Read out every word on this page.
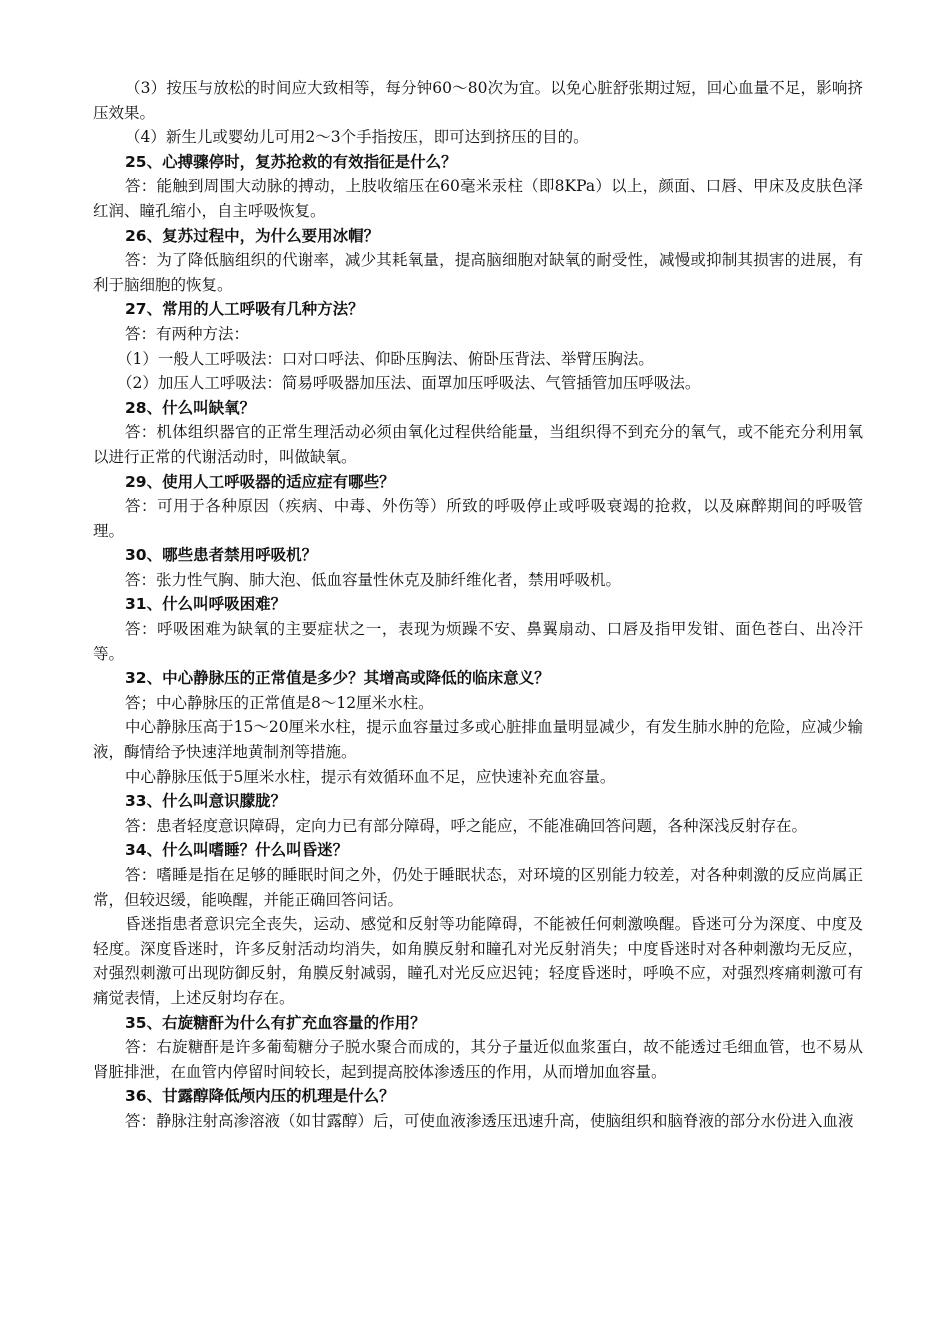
（3）按压与放松的时间应大致相等，每分钟60～80次为宜。以免心脏舒张期过短，回心血量不足，影响挤压效果。

（4）新生儿或婴幼儿可用2～3个手指按压，即可达到挤压的目的。

25、心搏骤停时，复苏抢救的有效指征是什么？

答：能触到周围大动脉的搏动，上肢收缩压在60毫米汞柱（即8KPa）以上，颜面、口唇、甲床及皮肤色泽红润、瞳孔缩小，自主呼吸恢复。

26、复苏过程中，为什么要用冰帽？

答：为了降低脑组织的代谢率，减少其耗氧量，提高脑细胞对缺氧的耐受性，减慢或抑制其损害的进展，有利于脑细胞的恢复。

27、常用的人工呼吸有几种方法？

答：有两种方法：

（1）一般人工呼吸法：口对口呼法、仰卧压胸法、俯卧压背法、举臂压胸法。

（2）加压人工呼吸法：简易呼吸器加压法、面罩加压呼吸法、气管插管加压呼吸法。

28、什么叫缺氧？

答：机体组织器官的正常生理活动必须由氧化过程供给能量，当组织得不到充分的氧气，或不能充分利用氧以进行正常的代谢活动时，叫做缺氧。

29、使用人工呼吸器的适应症有哪些？

答：可用于各种原因（疾病、中毒、外伤等）所致的呼吸停止或呼吸衰竭的抢救，以及麻醉期间的呼吸管理。

30、哪些患者禁用呼吸机？

答：张力性气胸、肺大泡、低血容量性休克及肺纤维化者，禁用呼吸机。

31、什么叫呼吸困难？

答：呼吸困难为缺氧的主要症状之一，表现为烦躁不安、鼻翼扇动、口唇及指甲发钳、面色苍白、出冷汗等。

32、中心静脉压的正常值是多少？其增高或降低的临床意义？

答；中心静脉压的正常值是8～12厘米水柱。

中心静脉压高于15～20厘米水柱，提示血容量过多或心脏排血量明显减少，有发生肺水肿的危险，应减少输液，酶情给予快速洋地黄制剂等措施。

中心静脉压低于5厘米水柱，提示有效循环血不足，应快速补充血容量。

33、什么叫意识朦胧？

答：患者轻度意识障碍，定向力已有部分障碍，呼之能应，不能准确回答问题，各种深浅反射存在。

34、什么叫嗜睡？什么叫昏迷？

答：嗜睡是指在足够的睡眠时间之外，仍处于睡眠状态，对环境的区别能力较差，对各种刺激的反应尚属正常，但较迟缓，能唤醒，并能正确回答问话。

昏迷指患者意识完全丧失，运动、感觉和反射等功能障碍，不能被任何刺激唤醒。昏迷可分为深度、中度及轻度。深度昏迷时，许多反射活动均消失，如角膜反射和瞳孔对光反射消失；中度昏迷时对各种刺激均无反应，对强烈刺激可出现防御反射，角膜反射减弱，瞳孔对光反应迟钝；轻度昏迷时，呼唤不应，对强烈疼痛刺激可有痛觉表情，上述反射均存在。

35、右旋糖酐为什么有扩充血容量的作用？

答：右旋糖酐是许多葡萄糖分子脱水聚合而成的，其分子量近似血浆蛋白，故不能透过毛细血管，也不易从肾脏排泄，在血管内停留时间较长，起到提高胶体渗透压的作用，从而增加血容量。

36、甘露醇降低颅内压的机理是什么？

答：静脉注射高渗溶液（如甘露醇）后，可使血液渗透压迅速升高，使脑组织和脑脊液的部分水份进入血液
